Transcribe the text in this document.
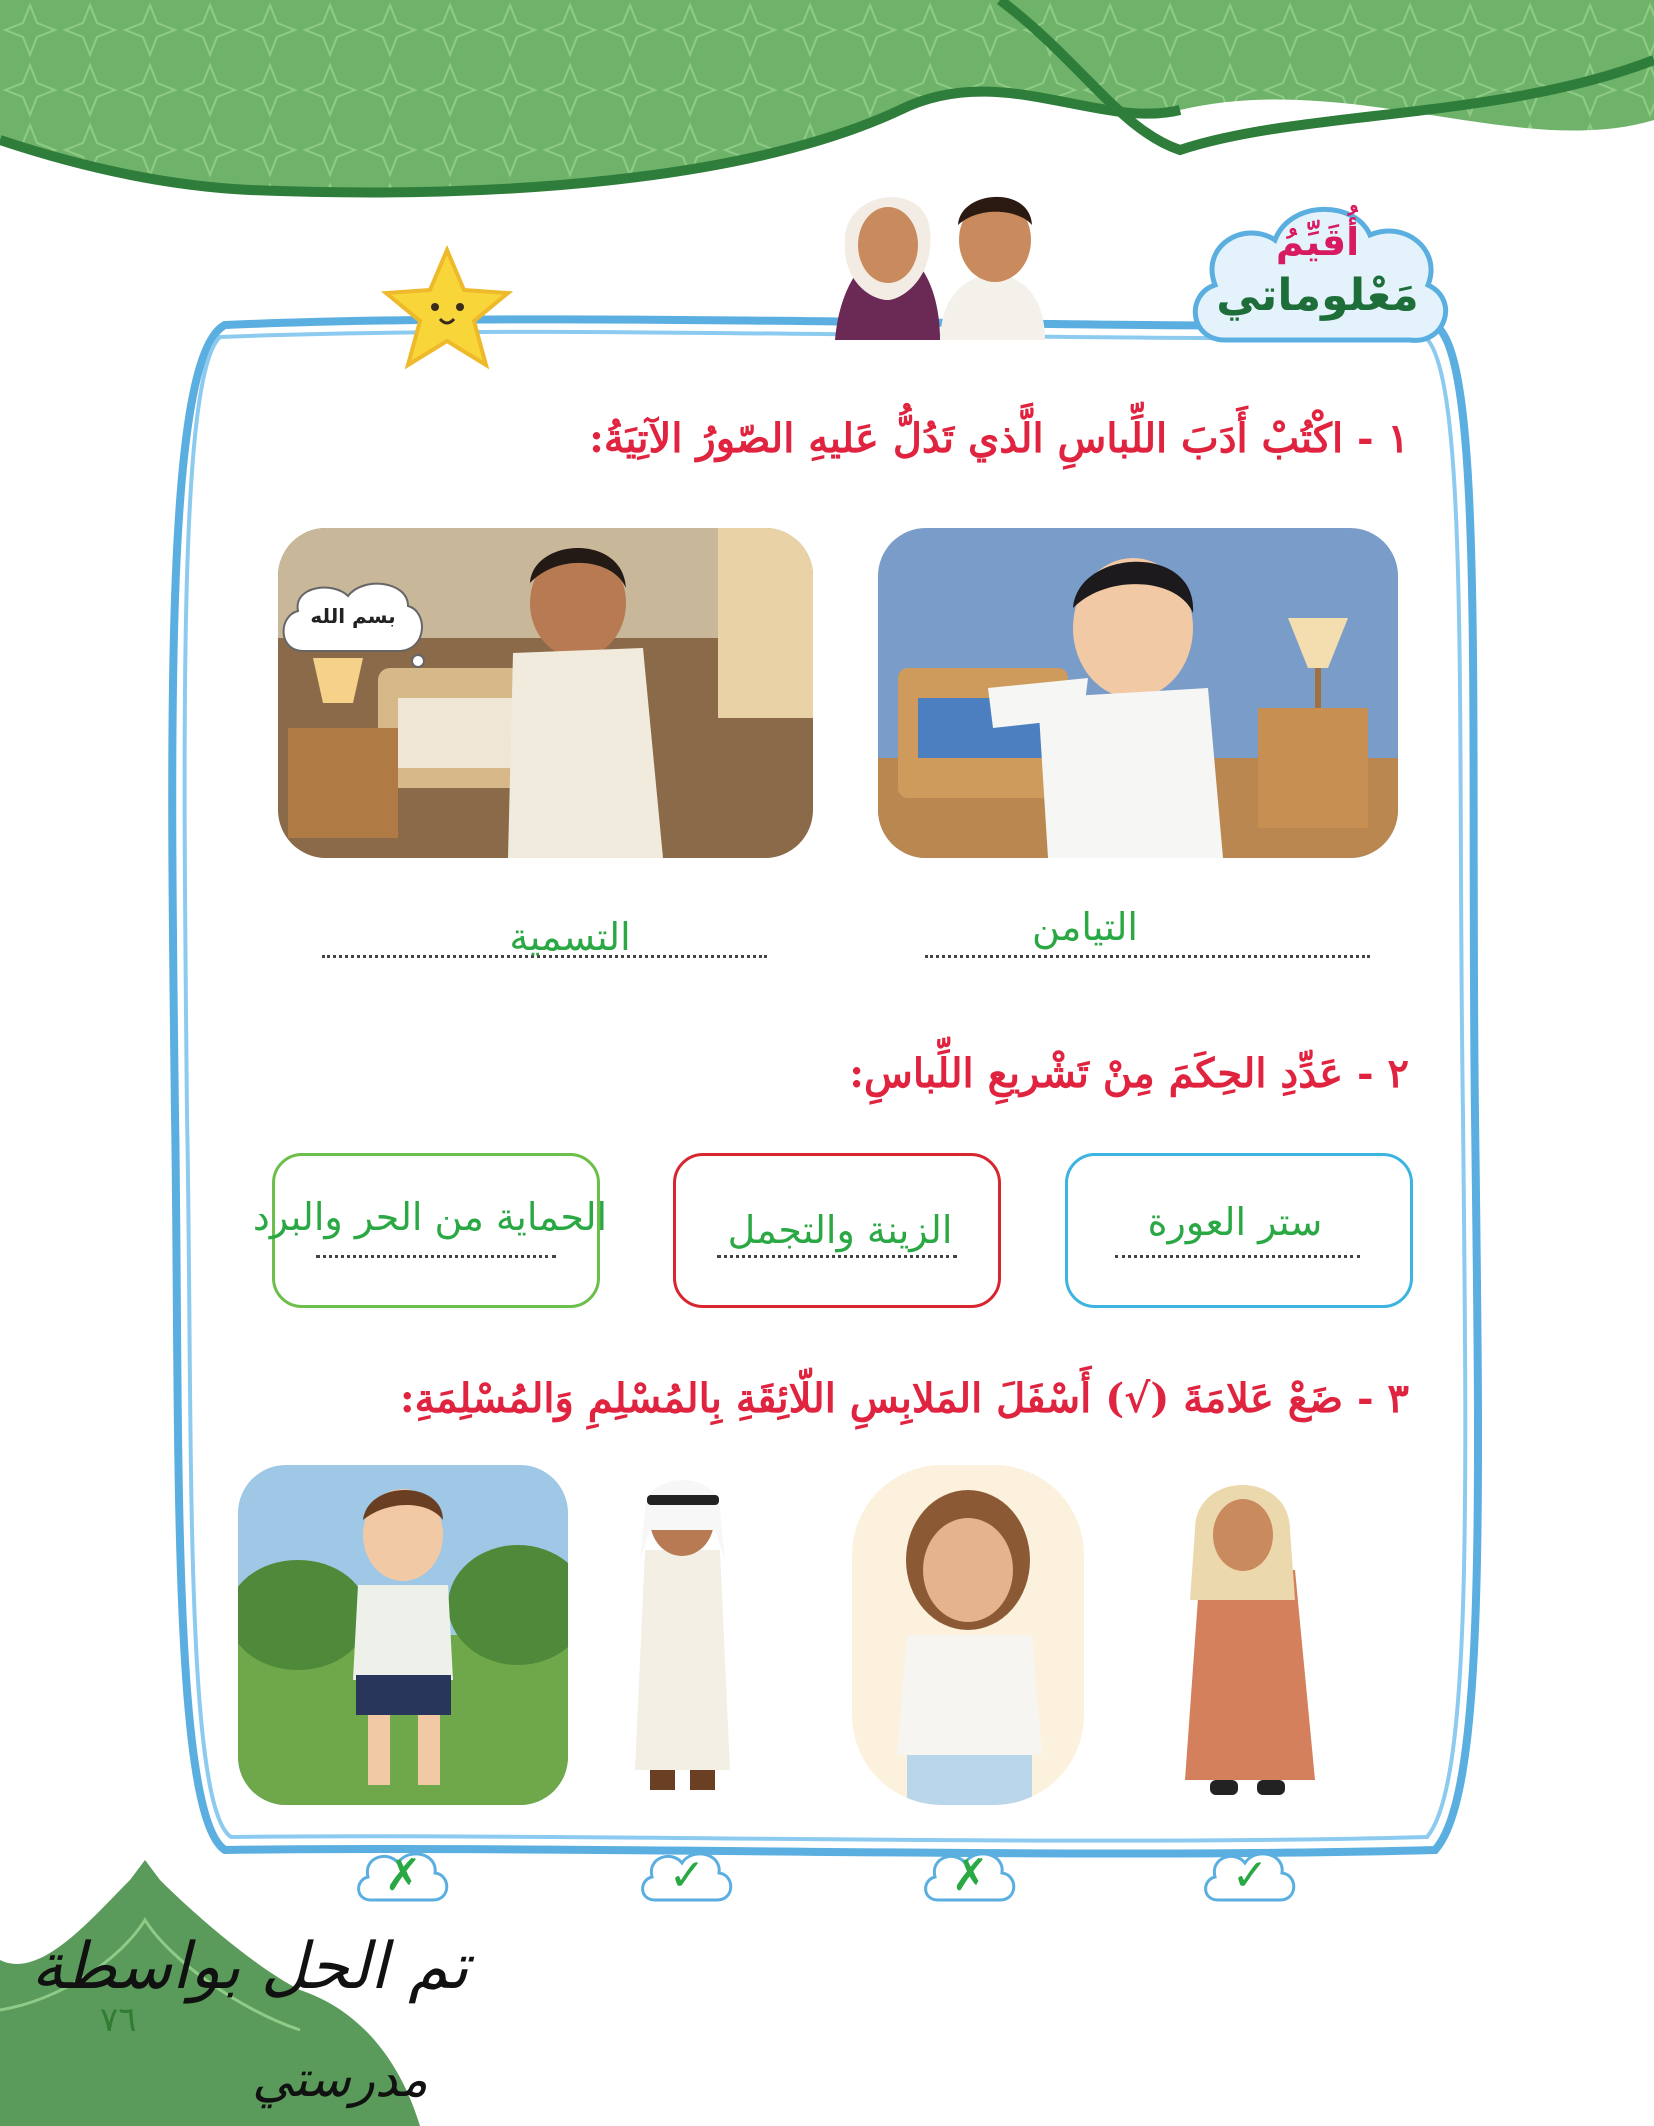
أُقَيِّمُ
مَعْلوماتي
١ - اكْتُبْ أَدَبَ اللِّباسِ الَّذي تَدُلُّ عَليهِ الصّورُ الآتِيَةُ:
بسم الله
التيامن
التسمية
٢ - عَدِّدِ الحِكَمَ مِنْ تَشْريعِ اللِّباسِ:
ستر العورة
الزينة والتجمل
الحماية من الحر والبرد
٣ - ضَعْ عَلامَةَ (√) أَسْفَلَ المَلابِسِ اللّائِقَةِ بِالمُسْلِمِ وَالمُسْلِمَةِ:
✗	✓	✗	✓
تم الحل بواسطة
مدرستي
٧٦
